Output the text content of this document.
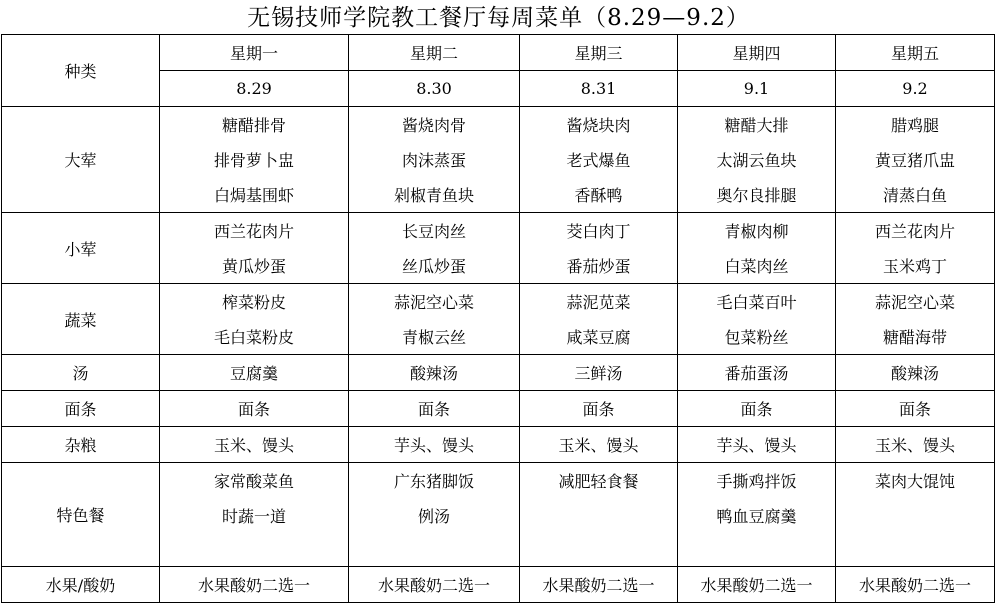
无锡技师学院教工餐厅每周菜单（8.29—9.2）
种类	星期一	星期二	星期三	星期四	星期五
	8.29	8.30	8.31	9.1	9.2
大荤	糖醋排骨	酱烧肉骨	酱烧块肉	糖醋大排	腊鸡腿
	排骨萝卜盅	肉沫蒸蛋	老式爆鱼	太湖云鱼块	黄豆猪爪盅
	白焗基围虾	剁椒青鱼块	香酥鸭	奥尔良排腿	清蒸白鱼
小荤	西兰花肉片	长豆肉丝	茭白肉丁	青椒肉柳	西兰花肉片
	黄瓜炒蛋	丝瓜炒蛋	番茄炒蛋	白菜肉丝	玉米鸡丁
蔬菜	榨菜粉皮	蒜泥空心菜	蒜泥苋菜	毛白菜百叶	蒜泥空心菜
	毛白菜粉皮	青椒云丝	咸菜豆腐	包菜粉丝	糖醋海带
汤	豆腐羹	酸辣汤	三鲜汤	番茄蛋汤	酸辣汤
面条	面条	面条	面条	面条	面条
杂粮	玉米、馒头	芋头、馒头	玉米、馒头	芋头、馒头	玉米、馒头
特色餐	家常酸菜鱼	广东猪脚饭	减肥轻食餐	手撕鸡拌饭	菜肉大馄饨
	时蔬一道	例汤		鸭血豆腐羹	

水果/酸奶	水果酸奶二选一	水果酸奶二选一	水果酸奶二选一	水果酸奶二选一	水果酸奶二选一
